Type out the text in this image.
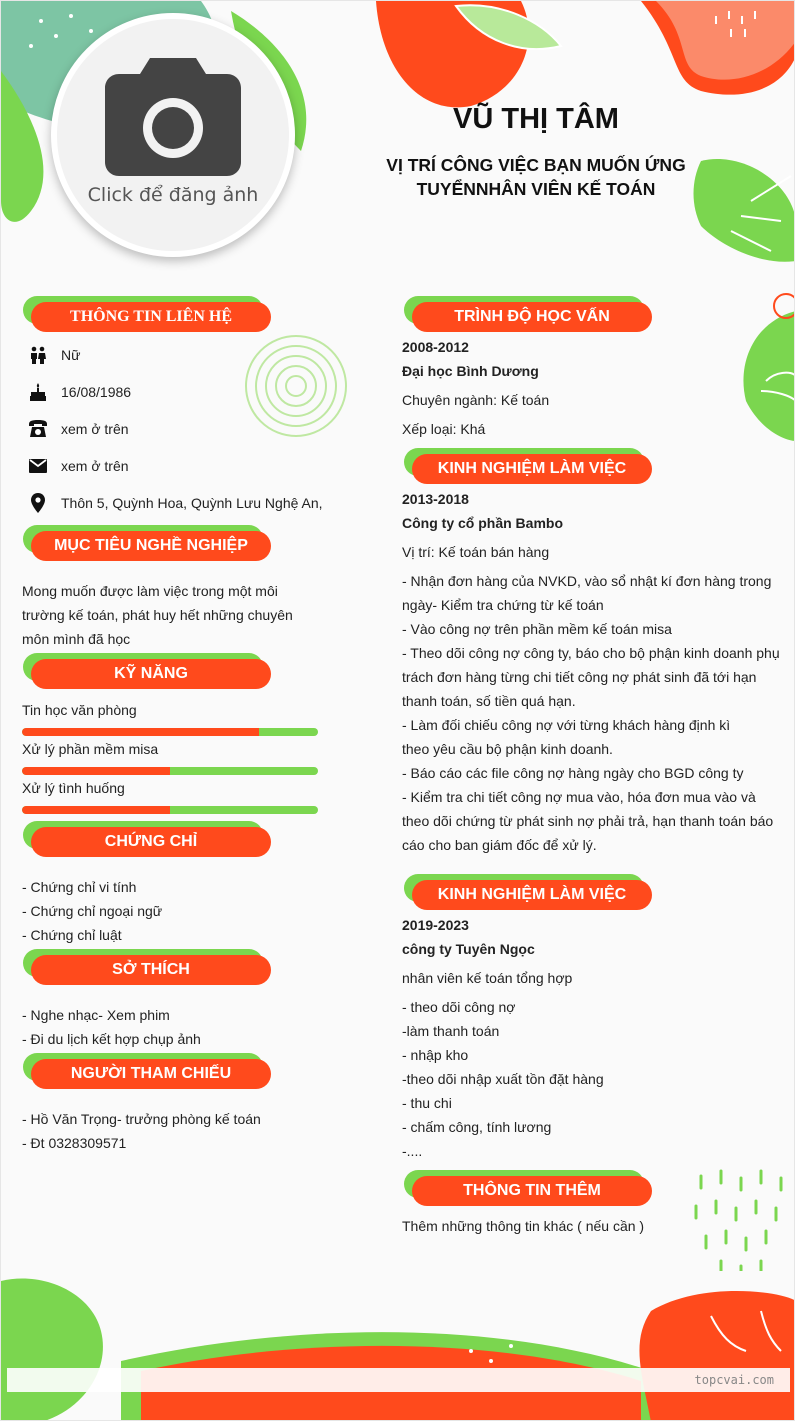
Click để đăng ảnh
VŨ THỊ TÂM
VỊ TRÍ CÔNG VIỆC BẠN MUỐN ỨNG
TUYỂNNHÂN VIÊN KẾ TOÁN
THÔNG TIN LIÊN HỆ
Nữ
16/08/1986
xem ở trên
xem ở trên
Thôn 5, Quỳnh Hoa, Quỳnh Lưu Nghệ An,
MỤC TIÊU NGHỀ NGHIỆP
Mong muốn được làm việc trong một môi
trường kế toán, phát huy hết những chuyên
môn mình đã học
KỸ NĂNG
Tin học văn phòng
Xử lý phần mềm misa
Xử lý tình huống
CHỨNG CHỈ
- Chứng chỉ vi tính
- Chứng chỉ ngoại ngữ
- Chứng chỉ luật
SỞ THÍCH
- Nghe nhạc- Xem phim
- Đi du lịch kết hợp chụp ảnh
NGƯỜI THAM CHIẾU
- Hồ Văn Trọng- trưởng phòng kế toán
- Đt 0328309571
TRÌNH ĐỘ HỌC VẤN
2008-2012
Đại học Bình Dương
Chuyên ngành: Kế toán
Xếp loại: Khá
KINH NGHIỆM LÀM VIỆC
2013-2018
Công ty cổ phần Bambo
Vị trí: Kế toán bán hàng
- Nhận đơn hàng của NVKD, vào sổ nhật kí đơn hàng trong
ngày- Kiểm tra chứng từ kế toán
- Vào công nợ trên phần mềm kế toán misa
- Theo dõi công nợ công ty, báo cho bộ phận kinh doanh phụ
trách đơn hàng từng chi tiết công nợ phát sinh đã tới hạn
thanh toán, số tiền quá hạn.
- Làm đối chiếu công nợ với từng khách hàng định kì
theo yêu cầu bộ phận kinh doanh.
- Báo cáo các file công nợ hàng ngày cho BGD công ty
- Kiểm tra chi tiết công nợ mua vào, hóa đơn mua vào và
theo dõi chứng từ phát sinh nợ phải trả, hạn thanh toán báo
cáo cho ban giám đốc để xử lý.
KINH NGHIỆM LÀM VIỆC
2019-2023
công ty Tuyên Ngọc
nhân viên kế toán tổng hợp
- theo dõi công nợ
-làm thanh toán
- nhập kho
-theo dõi nhập xuất tồn đặt hàng
- thu chi
- chấm công, tính lương
-....
THÔNG TIN THÊM
Thêm những thông tin khác ( nếu cần )
topcvai.com
